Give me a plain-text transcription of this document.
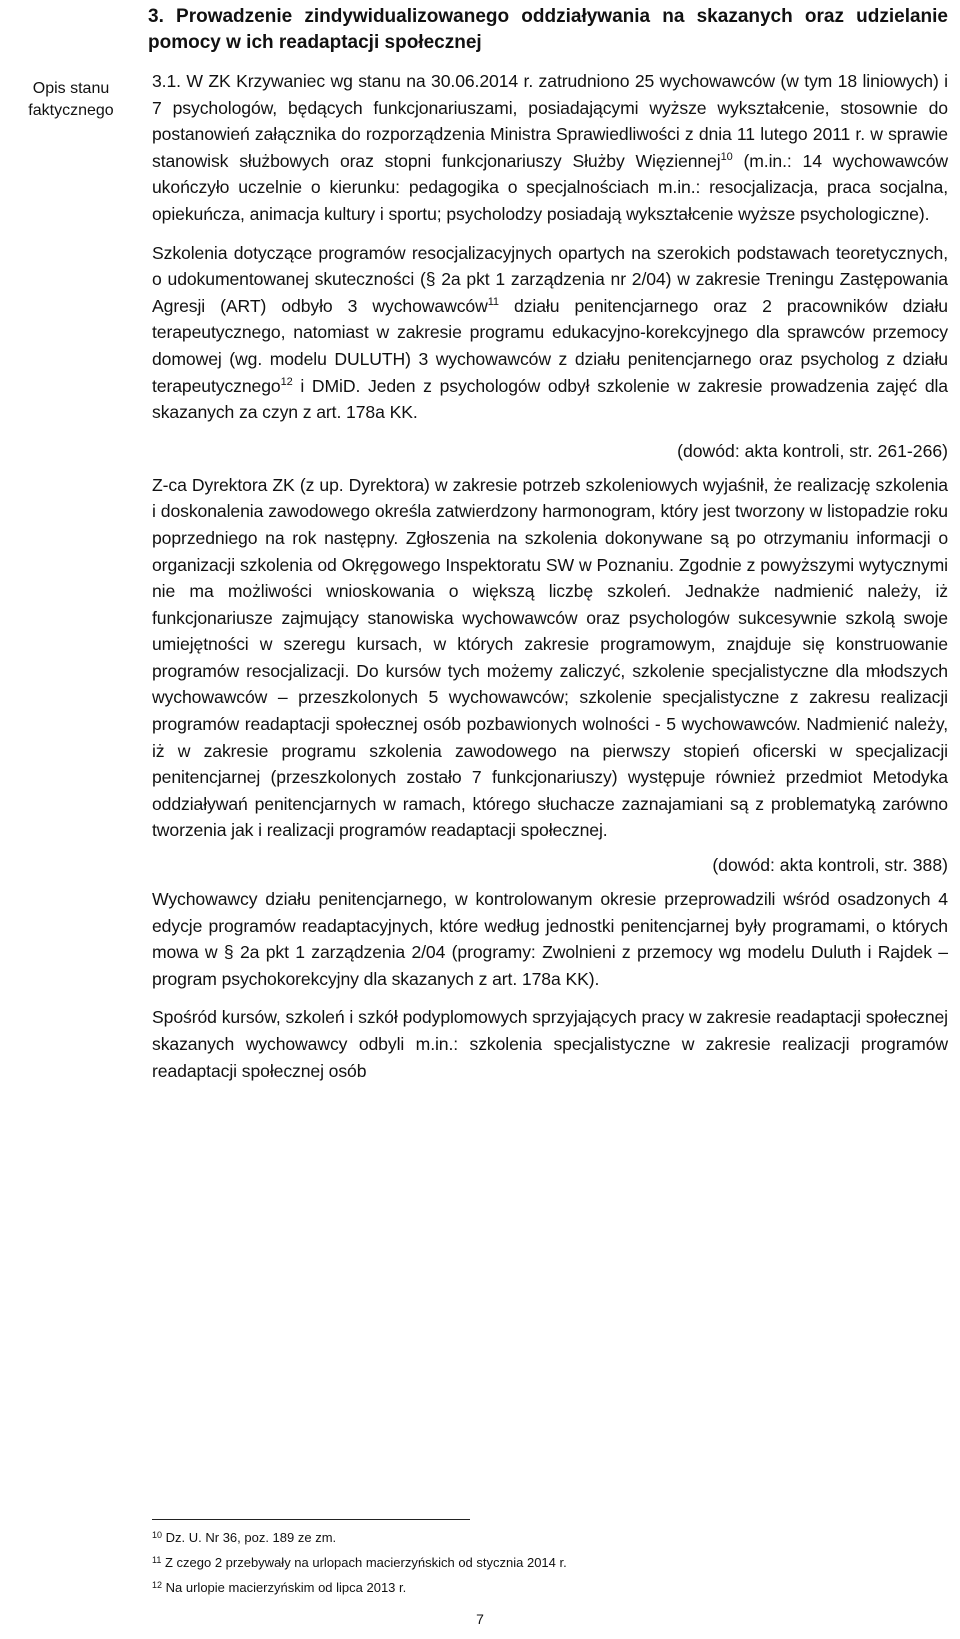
3. Prowadzenie zindywidualizowanego oddziaływania na skazanych oraz udzielanie pomocy w ich readaptacji społecznej
Opis stanu faktycznego

3.1. W ZK Krzywaniec wg stanu na 30.06.2014 r. zatrudniono 25 wychowawców (w tym 18 liniowych) i 7 psychologów, będących funkcjonariuszami, posiadającymi wyższe wykształcenie, stosownie do postanowień załącznika do rozporządzenia Ministra Sprawiedliwości z dnia 11 lutego 2011 r. w sprawie stanowisk służbowych oraz stopni funkcjonariuszy Służby Więziennej$^{10}$ (m.in.: 14 wychowawców ukończyło uczelnie o kierunku: pedagogika o specjalnościach m.in.: resocjalizacja, praca socjalna, opiekuńcza, animacja kultury i sportu; psycholodzy posiadają wykształcenie wyższe psychologiczne).

Szkolenia dotyczące programów resocjalizacyjnych opartych na szerokich podstawach teoretycznych, o udokumentowanej skuteczności (§ 2a pkt 1 zarządzenia nr 2/04) w zakresie Treningu Zastępowania Agresji (ART) odbyło 3 wychowawców$^{11}$ działu penitencjarnego oraz 2 pracowników działu terapeutycznego, natomiast w zakresie programu edukacyjno-korekcyjnego dla sprawców przemocy domowej (wg. modelu DULUTH) 3 wychowawców z działu penitencjarnego oraz psycholog z działu terapeutycznego$^{12}$ i DMiD. Jeden z psychologów odbył szkolenie w zakresie prowadzenia zajęć dla skazanych za czyn z art. 178a KK.

(dowód: akta kontroli, str. 261-266)

Z-ca Dyrektora ZK (z up. Dyrektora) w zakresie potrzeb szkoleniowych wyjaśnił, że realizację szkolenia i doskonalenia zawodowego określa zatwierdzony harmonogram, który jest tworzony w listopadzie roku poprzedniego na rok następny. Zgłoszenia na szkolenia dokonywane są po otrzymaniu informacji o organizacji szkolenia od Okręgowego Inspektoratu SW w Poznaniu. Zgodnie z powyższymi wytycznymi nie ma możliwości wnioskowania o większą liczbę szkoleń. Jednakże nadmienić należy, iż funkcjonariusze zajmujący stanowiska wychowawców oraz psychologów sukcesywnie szkolą swoje umiejętności w szeregu kursach, w których zakresie programowym, znajduje się konstruowanie programów resocjalizacji. Do kursów tych możemy zaliczyć, szkolenie specjalistyczne dla młodszych wychowawców – przeszkolonych 5 wychowawców; szkolenie specjalistyczne z zakresu realizacji programów readaptacji społecznej osób pozbawionych wolności - 5 wychowawców. Nadmienić należy, iż w zakresie programu szkolenia zawodowego na pierwszy stopień oficerski w specjalizacji penitencjarnej (przeszkolonych zostało 7 funkcjonariuszy) występuje również przedmiot Metodyka oddziaływań penitencjarnych w ramach, którego słuchacze zaznajamiani są z problematyką zarówno tworzenia jak i realizacji programów readaptacji społecznej.

(dowód: akta kontroli, str. 388)

Wychowawcy działu penitencjarnego, w kontrolowanym okresie przeprowadzili wśród osadzonych 4 edycje programów readaptacyjnych, które według jednostki penitencjarnej były programami, o których mowa w § 2a pkt 1 zarządzenia 2/04 (programy: Zwolnieni z przemocy wg modelu Duluth i Rajdek – program psychokorekcyjny dla skazanych z art. 178a KK).

Spośród kursów, szkoleń i szkół podyplomowych sprzyjających pracy w zakresie readaptacji społecznej skazanych wychowawcy odbyli m.in.: szkolenia specjalistyczne w zakresie realizacji programów readaptacji społecznej osób

$^{10}$ Dz. U. Nr 36, poz. 189 ze zm.

$^{11}$ Z czego 2 przebywały na urlopach macierzyńskich od stycznia 2014 r.

$^{12}$ Na urlopie macierzyńskim od lipca 2013 r.

7
